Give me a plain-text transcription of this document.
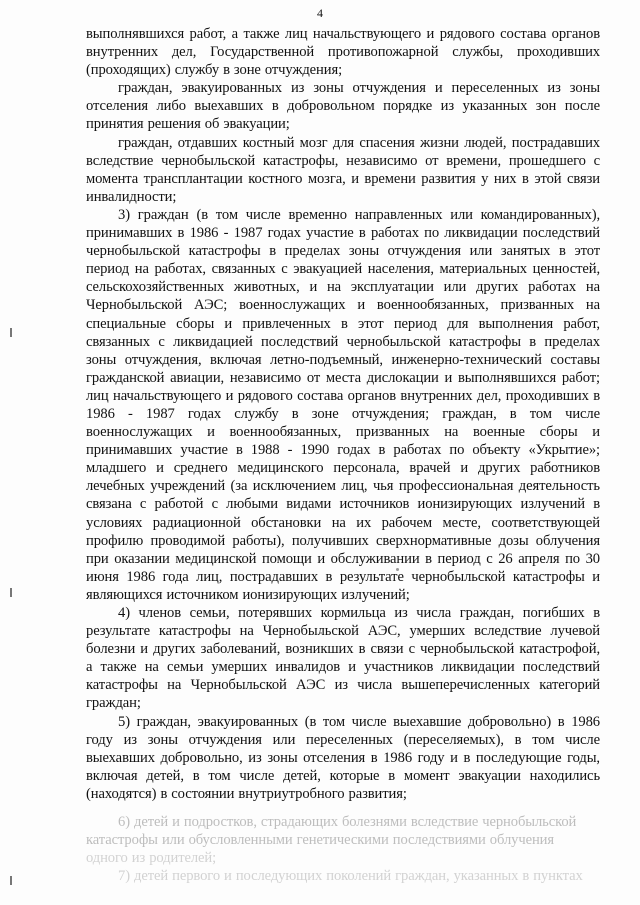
4

выполнявшихся работ, а также лиц начальствующего и рядового состава органов внутренних дел, Государственной противопожарной службы, проходивших (проходящих) службу в зоне отчуждения;

граждан, эвакуированных из зоны отчуждения и переселенных из зоны отселения либо выехавших в добровольном порядке из указанных зон после принятия решения об эвакуации;

граждан, отдавших костный мозг для спасения жизни людей, пострадавших вследствие чернобыльской катастрофы, независимо от времени, прошедшего с момента трансплантации костного мозга, и времени развития у них в этой связи инвалидности;

3) граждан (в том числе временно направленных или командированных), принимавших в 1986 - 1987 годах участие в работах по ликвидации последствий чернобыльской катастрофы в пределах зоны отчуждения или занятых в этот период на работах, связанных с эвакуацией населения, материальных ценностей, сельскохозяйственных животных, и на эксплуатации или других работах на Чернобыльской АЭС; военнослужащих и военнообязанных, призванных на специальные сборы и привлеченных в этот период для выполнения работ, связанных с ликвидацией последствий чернобыльской катастрофы в пределах зоны отчуждения, включая летно-подъемный, инженерно-технический составы гражданской авиации, независимо от места дислокации и выполнявшихся работ; лиц начальствующего и рядового состава органов внутренних дел, проходивших в 1986 - 1987 годах службу в зоне отчуждения; граждан, в том числе военнослужащих и военнообязанных, призванных на военные сборы и принимавших участие в 1988 - 1990 годах в работах по объекту «Укрытие»; младшего и среднего медицинского персонала, врачей и других работников лечебных учреждений (за исключением лиц, чья профессиональная деятельность связана с работой с любыми видами источников ионизирующих излучений в условиях радиационной обстановки на их рабочем месте, соответствующей профилю проводимой работы), получивших сверхнормативные дозы облучения при оказании медицинской помощи и обслуживании в период с 26 апреля по 30 июня 1986 года лиц, пострадавших в результате чернобыльской катастрофы и являющихся источником ионизирующих излучений;

4) членов семьи, потерявших кормильца из числа граждан, погибших в результате катастрофы на Чернобыльской АЭС, умерших вследствие лучевой болезни и других заболеваний, возникших в связи с чернобыльской катастрофой, а также на семьи умерших инвалидов и участников ликвидации последствий катастрофы на Чернобыльской АЭС из числа вышеперечисленных категорий граждан;

5) граждан, эвакуированных (в том числе выехавшие добровольно) в 1986 году из зоны отчуждения или переселенных (переселяемых), в том числе выехавших добровольно, из зоны отселения в 1986 году и в последующие годы, включая детей, в том числе детей, которые в момент эвакуации находились (находятся) в состоянии внутриутробного развития;

6) детей и подростков, страдающих болезнями вследствие чернобыльской

катастрофы или обусловленными генетическими последствиями облучения

одного из родителей;

7) детей первого и последующих поколений граждан, указанных в пунктах
